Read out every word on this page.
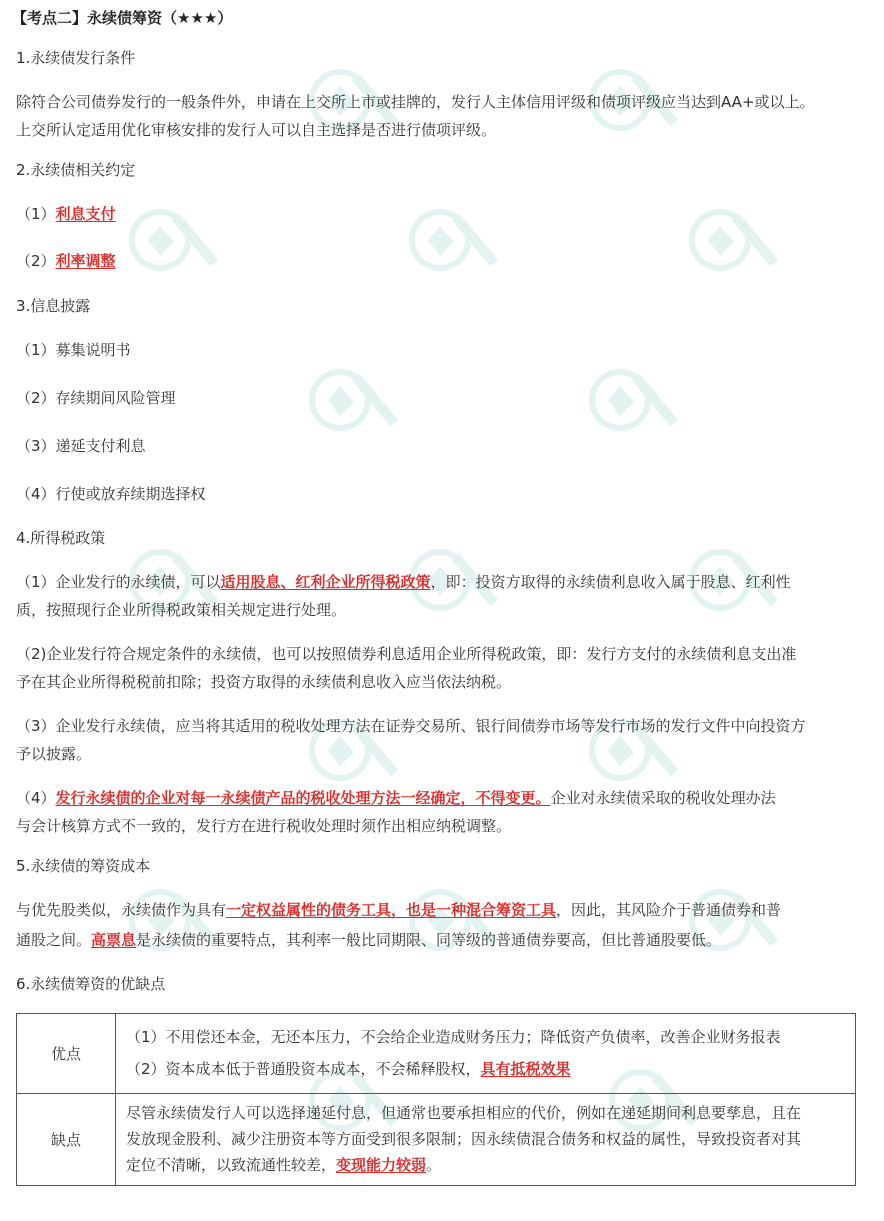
【考点二】永续债筹资（★★★）
1.永续债发行条件
除符合公司债券发行的一般条件外，申请在上交所上市或挂牌的，发行人主体信用评级和债项评级应当达到AA+或以上。
上交所认定适用优化审核安排的发行人可以自主选择是否进行债项评级。
2.永续债相关约定
（1）利息支付
（2）利率调整
3.信息披露
（1）募集说明书
（2）存续期间风险管理
（3）递延支付利息
（4）行使或放弃续期选择权
4.所得税政策
（1）企业发行的永续债，可以适用股息、红利企业所得税政策，即：投资方取得的永续债利息收入属于股息、红利性
质，按照现行企业所得税政策相关规定进行处理。
（2)企业发行符合规定条件的永续债，也可以按照债券利息适用企业所得税政策，即：发行方支付的永续债利息支出准
予在其企业所得税税前扣除；投资方取得的永续债利息收入应当依法纳税。
（3）企业发行永续债，应当将其适用的税收处理方法在证券交易所、银行间债券市场等发行市场的发行文件中向投资方
予以披露。
（4）发行永续债的企业对每一永续债产品的税收处理方法一经确定，不得变更。企业对永续债采取的税收处理办法
与会计核算方式不一致的，发行方在进行税收处理时须作出相应纳税调整。
5.永续债的筹资成本
与优先股类似，永续债作为具有一定权益属性的债务工具，也是一种混合筹资工具，因此，其风险介于普通债券和普
通股之间。高票息是永续债的重要特点，其利率一般比同期限、同等级的普通债券要高，但比普通股要低。
6.永续债筹资的优缺点
优点	（1）不用偿还本金，无还本压力，不会给企业造成财务压力；降低资产负债率，改善企业财务报表
（2）资本成本低于普通股资本成本，不会稀释股权，具有抵税效果

缺点	尽管永续债发行人可以选择递延付息，但通常也要承担相应的代价，例如在递延期间利息要孳息，且在
发放现金股利、减少注册资本等方面受到很多限制；因永续债混合债务和权益的属性，导致投资者对其
定位不清晰，以致流通性较差，变现能力较弱。
